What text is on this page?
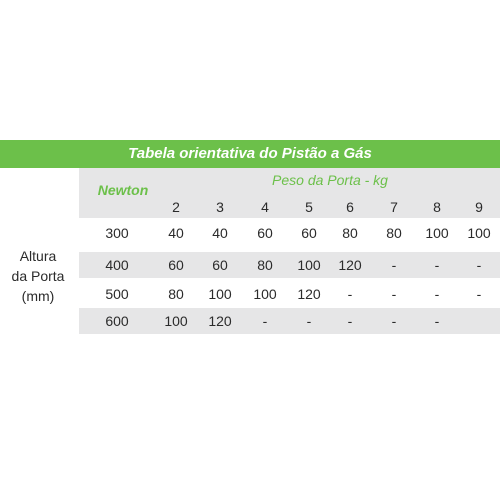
Tabela orientativa do Pistão a Gás
Newton
Peso da Porta - kg
2	3	4	5	6	7	8	9
Altura
da Porta
(mm)
300	40	40	60	60	80	80	100	100
400	60	60	80	100	120	-	-	-
500	80	100	100	120	-	-	-	-
600	100	120	-	-	-	-	-
